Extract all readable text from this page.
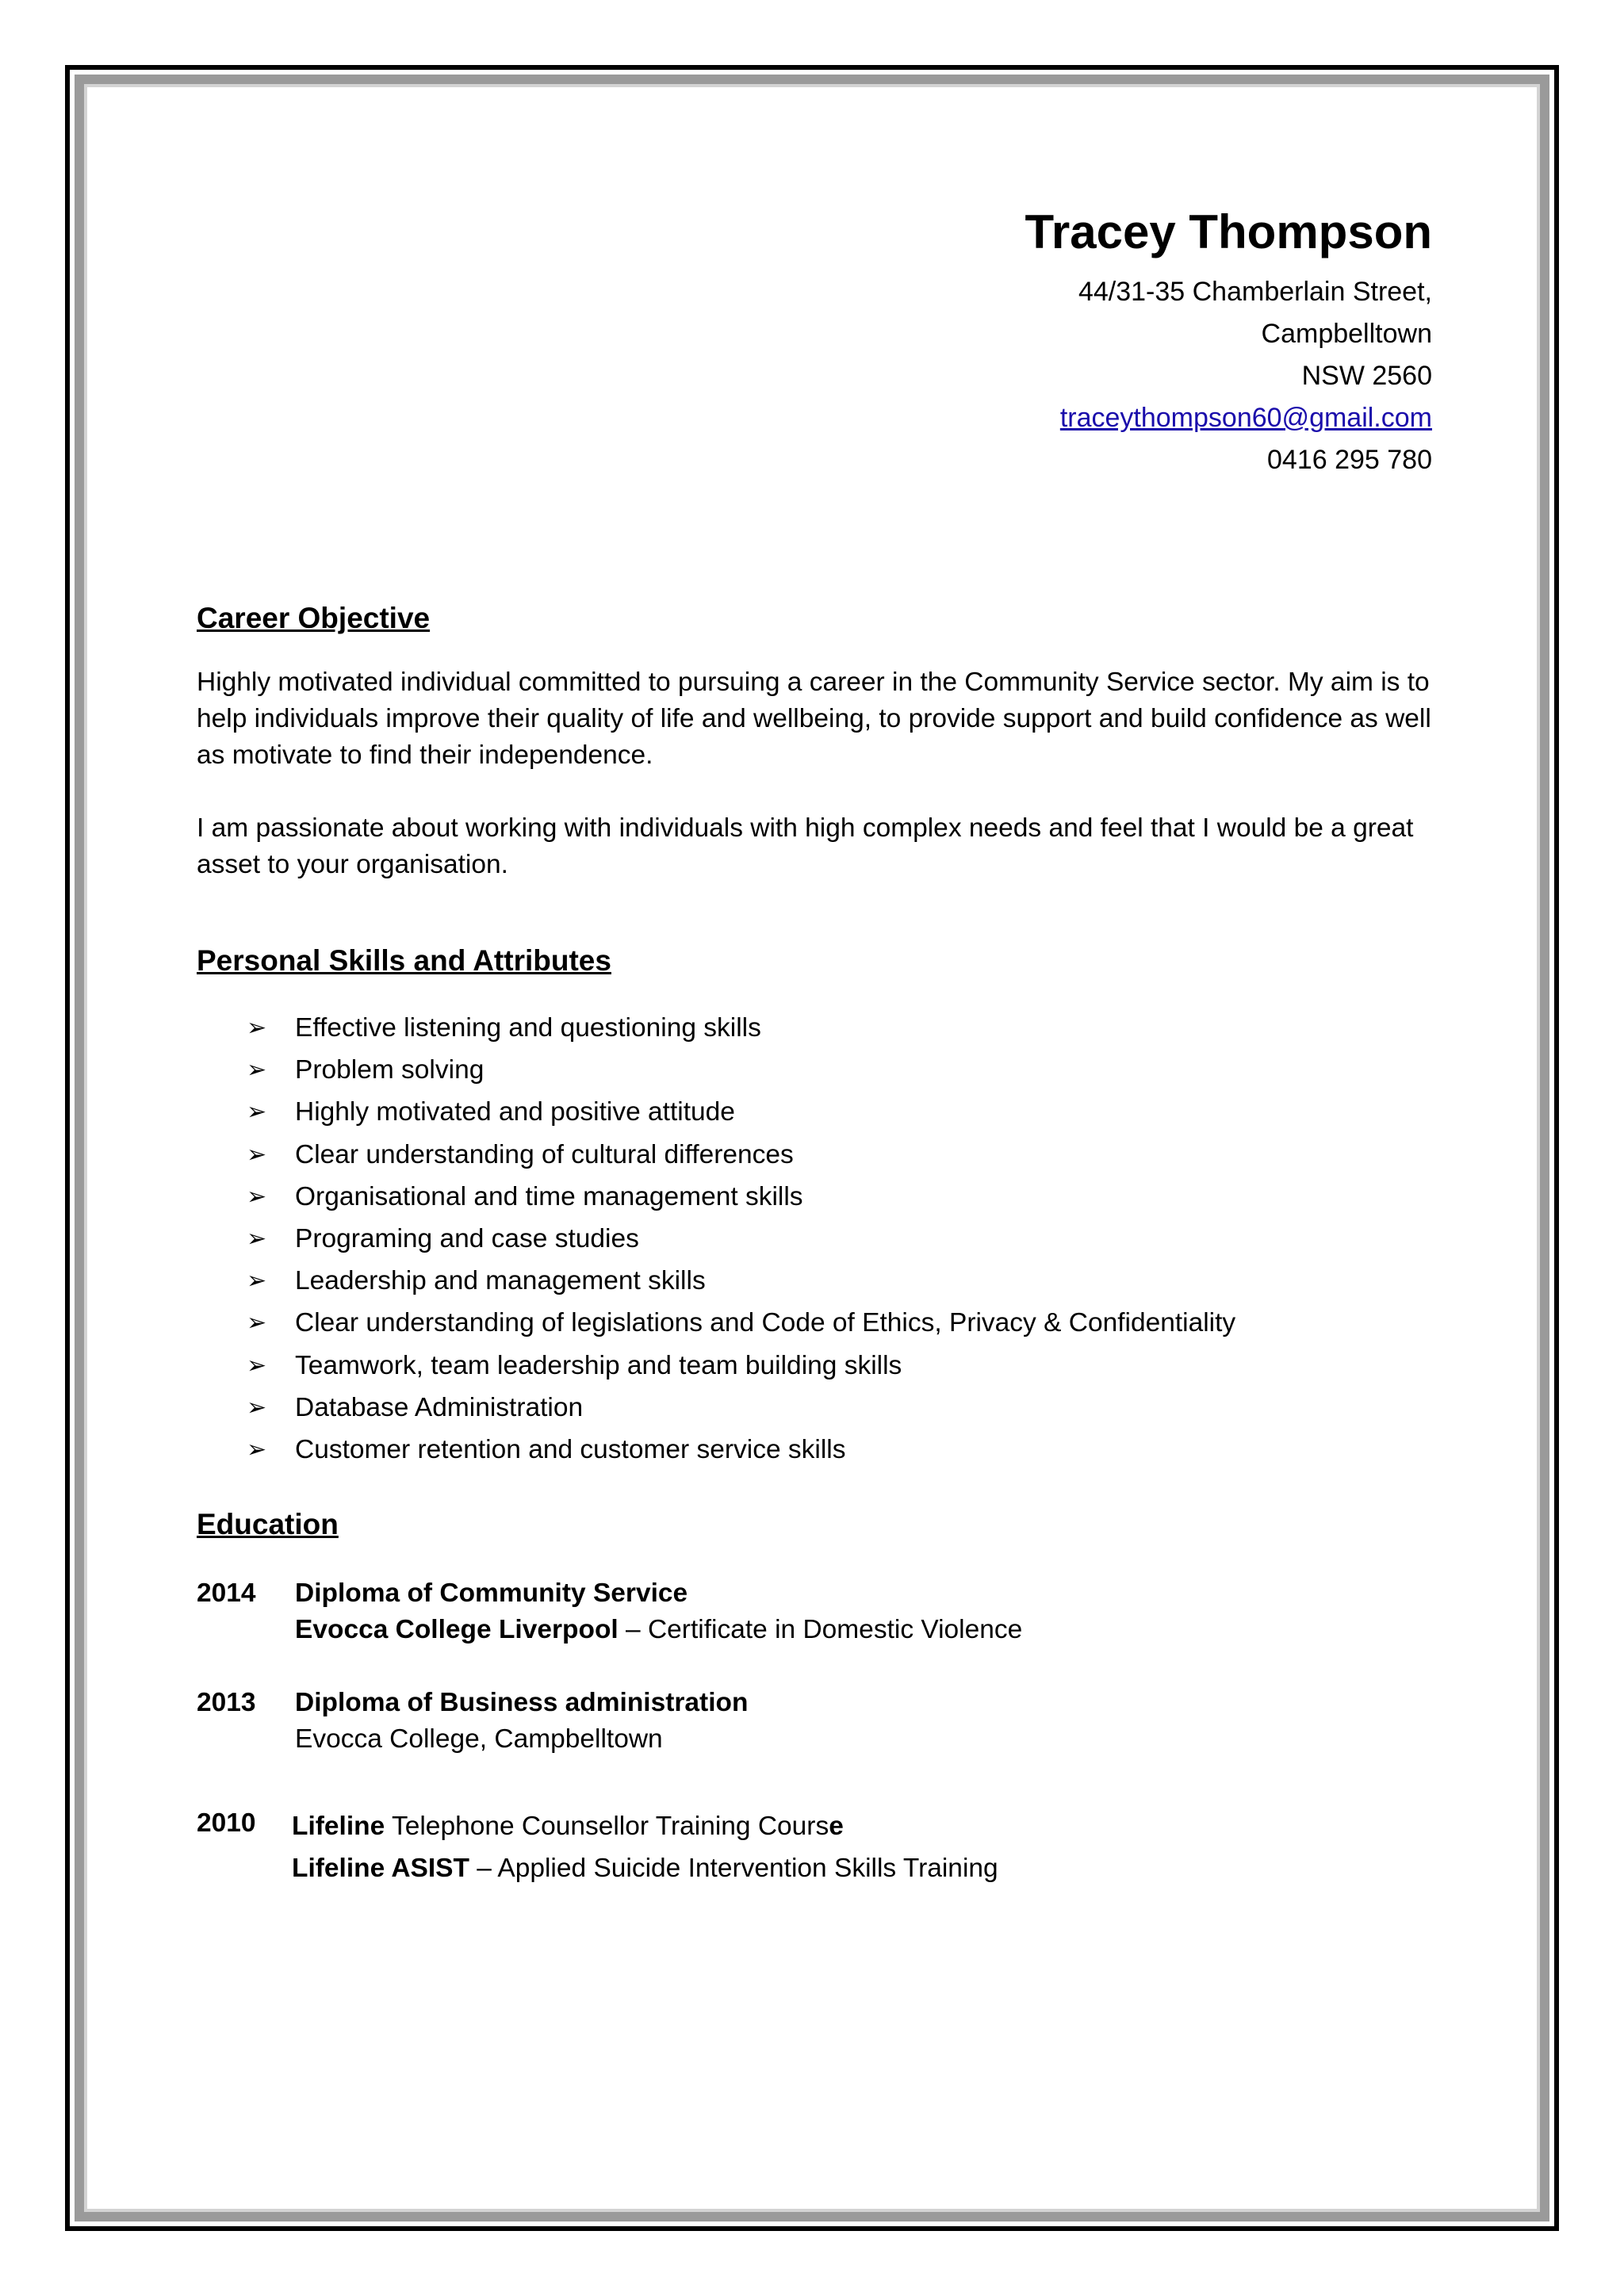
Tracey Thompson
44/31-35 Chamberlain Street,
Campbelltown
NSW 2560
traceythompson60@gmail.com
0416 295 780
Career Objective
Highly motivated individual committed to pursuing a career in the Community Service sector. My aim is to help individuals improve their quality of life and wellbeing, to provide support and build confidence as well as motivate to find their independence.
I am passionate about working with individuals with high complex needs and feel that I would be a great asset to your organisation.
Personal Skills and Attributes
➢ Effective listening and questioning skills
➢ Problem solving
➢ Highly motivated and positive attitude
➢ Clear understanding of cultural differences
➢ Organisational and time management skills
➢ Programing and case studies
➢ Leadership and management skills
➢ Clear understanding of legislations and Code of Ethics, Privacy & Confidentiality
➢ Teamwork, team leadership and team building skills
➢ Database Administration
➢ Customer retention and customer service skills
Education
2014 Diploma of Community Service
Evocca College Liverpool – Certificate in Domestic Violence
2013 Diploma of Business administration
Evocca College, Campbelltown
2010 Lifeline Telephone Counsellor Training Course
Lifeline ASIST – Applied Suicide Intervention Skills Training
